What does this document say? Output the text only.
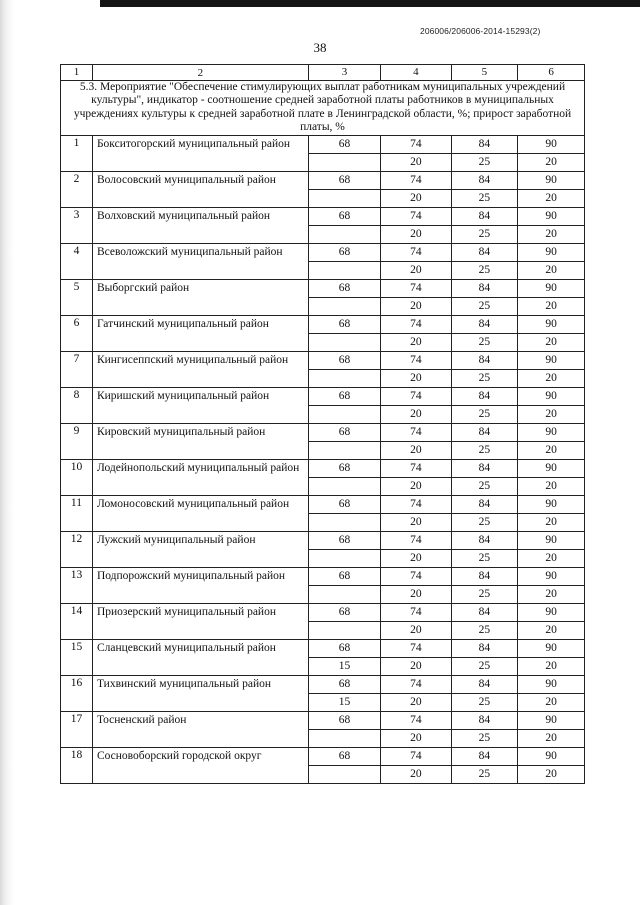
206006/206006-2014-15293(2)
38
1	2	3	4	5	6
5.3. Мероприятие "Обеспечение стимулирующих выплат работникам муниципальных учреждений культуры", индикатор - соотношение средней заработной платы работников в муниципальных учреждениях культуры к средней заработной плате в Ленинградской области, %; прирост заработной платы, %					
1	Бокситогорский муниципальный район	68	74	84	90
			20	25	20
2	Волосовский муниципальный район	68	74	84	90
			20	25	20
3	Волховский муниципальный район	68	74	84	90
			20	25	20
4	Всеволожский муниципальный район	68	74	84	90
			20	25	20
5	Выборгский район	68	74	84	90
			20	25	20
6	Гатчинский муниципальный район	68	74	84	90
			20	25	20
7	Кингисеппский муниципальный район	68	74	84	90
			20	25	20
8	Киришский муниципальный район	68	74	84	90
			20	25	20
9	Кировский муниципальный район	68	74	84	90
			20	25	20
10	Лодейнопольский муниципальный район	68	74	84	90
			20	25	20
11	Ломоносовский муниципальный район	68	74	84	90
			20	25	20
12	Лужский муниципальный район	68	74	84	90
			20	25	20
13	Подпорожский муниципальный район	68	74	84	90
			20	25	20
14	Приозерский муниципальный район	68	74	84	90
			20	25	20
15	Сланцевский муниципальный район	68	74	84	90
		15	20	25	20
16	Тихвинский муниципальный район	68	74	84	90
		15	20	25	20
17	Тосненский район	68	74	84	90
			20	25	20
18	Сосновоборский городской округ	68	74	84	90
			20	25	20
